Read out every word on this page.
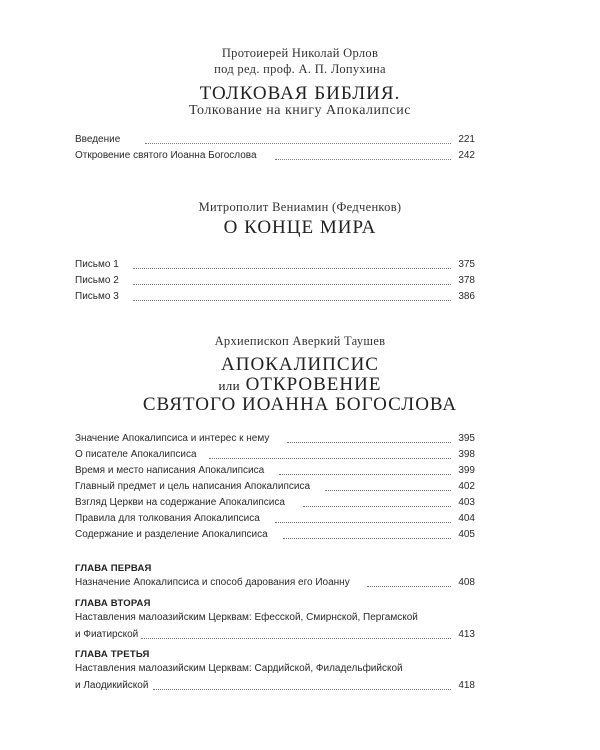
Протоиерей Николай Орлов
под ред. проф. А. П. Лопухина
ТОЛКОВАЯ БИБЛИЯ.
Толкование на книгу Апокалипсис
Введение	221
Откровение святого Иоанна Богослова	242
Митрополит Вениамин (Федченков)
О КОНЦЕ МИРА
Письмо 1	375
Письмо 2	378
Письмо 3	386
Архиепископ Аверкий Таушев
АПОКАЛИПСИС
или ОТКРОВЕНИЕ
СВЯТОГО ИОАННА БОГОСЛОВА
Значение Апокалипсиса и интерес к нему	395
О писателе Апокалипсиса	398
Время и место написания Апокалипсиса	399
Главный предмет и цель написания Апокалипсиса	402
Взгляд Церкви на содержание Апокалипсиса	403
Правила для толкования Апокалипсиса	404
Содержание и разделение Апокалипсиса	405
ГЛАВА ПЕРВАЯ
Назначение Апокалипсиса и способ дарования его Иоанну	408
ГЛАВА ВТОРАЯ
Наставления малоазийским Церквам: Ефесской, Смирнской, Пергамской
и Фиатирской	413
ГЛАВА ТРЕТЬЯ
Наставления малоазийским Церквам: Сардийской, Филадельфийской
и Лаодикийской	418
